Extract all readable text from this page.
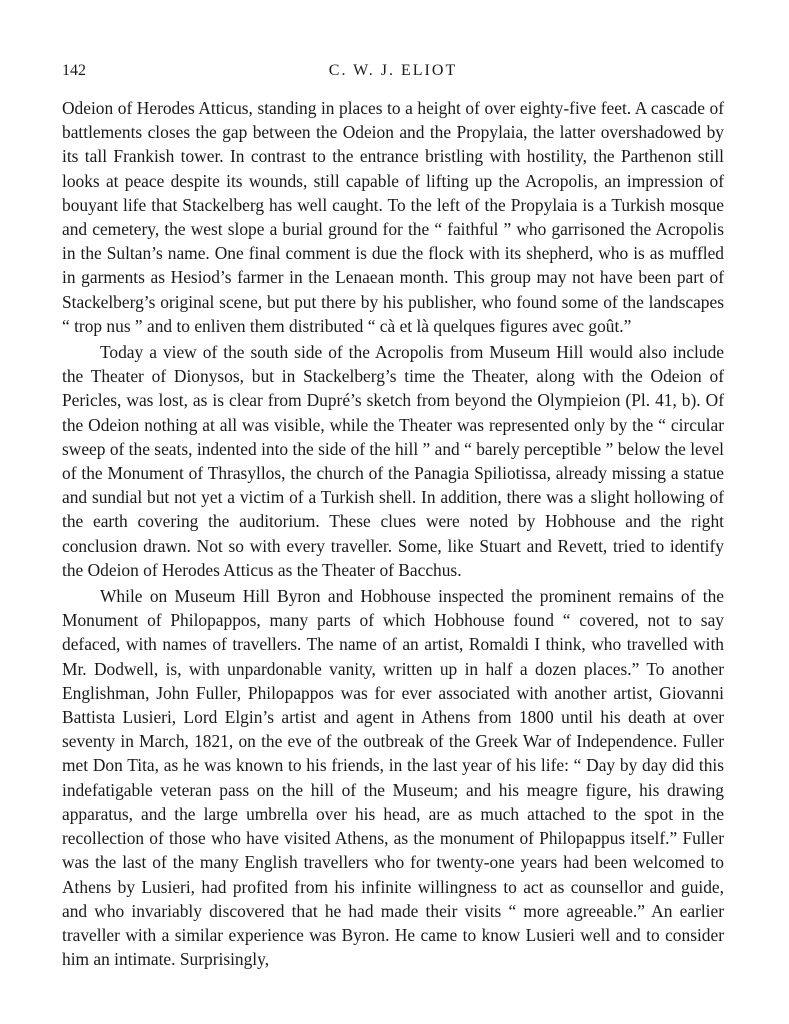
142	C. W. J. ELIOT

Odeion of Herodes Atticus, standing in places to a height of over eighty-five feet. A cascade of battlements closes the gap between the Odeion and the Propylaia, the latter overshadowed by its tall Frankish tower. In contrast to the entrance bristling with hostility, the Parthenon still looks at peace despite its wounds, still capable of lifting up the Acropolis, an impression of bouyant life that Stackelberg has well caught. To the left of the Propylaia is a Turkish mosque and cemetery, the west slope a burial ground for the “ faithful ” who garrisoned the Acropolis in the Sultan’s name. One final comment is due the flock with its shepherd, who is as muffled in garments as Hesiod’s farmer in the Lenaean month. This group may not have been part of Stackelberg’s original scene, but put there by his publisher, who found some of the landscapes “ trop nus ” and to enliven them distributed “ cà et là quelques figures avec goût.”

Today a view of the south side of the Acropolis from Museum Hill would also include the Theater of Dionysos, but in Stackelberg’s time the Theater, along with the Odeion of Pericles, was lost, as is clear from Dupré’s sketch from beyond the Olympieion (Pl. 41, b). Of the Odeion nothing at all was visible, while the Theater was represented only by the “ circular sweep of the seats, indented into the side of the hill ” and “ barely perceptible ” below the level of the Monument of Thrasyllos, the church of the Panagia Spiliotissa, already missing a statue and sundial but not yet a victim of a Turkish shell. In addition, there was a slight hollowing of the earth covering the auditorium. These clues were noted by Hobhouse and the right conclusion drawn. Not so with every traveller. Some, like Stuart and Revett, tried to identify the Odeion of Herodes Atticus as the Theater of Bacchus.

While on Museum Hill Byron and Hobhouse inspected the prominent remains of the Monument of Philopappos, many parts of which Hobhouse found “ covered, not to say defaced, with names of travellers. The name of an artist, Romaldi I think, who travelled with Mr. Dodwell, is, with unpardonable vanity, written up in half a dozen places.” To another Englishman, John Fuller, Philopappos was for ever associated with another artist, Giovanni Battista Lusieri, Lord Elgin’s artist and agent in Athens from 1800 until his death at over seventy in March, 1821, on the eve of the outbreak of the Greek War of Independence. Fuller met Don Tita, as he was known to his friends, in the last year of his life: “ Day by day did this indefatigable veteran pass on the hill of the Museum; and his meagre figure, his drawing apparatus, and the large umbrella over his head, are as much attached to the spot in the recollection of those who have visited Athens, as the monument of Philopappus itself.” Fuller was the last of the many English travellers who for twenty-one years had been welcomed to Athens by Lusieri, had profited from his infinite willingness to act as counsellor and guide, and who invariably discovered that he had made their visits “ more agreeable.” An earlier traveller with a similar experience was Byron. He came to know Lusieri well and to consider him an intimate. Surprisingly,
